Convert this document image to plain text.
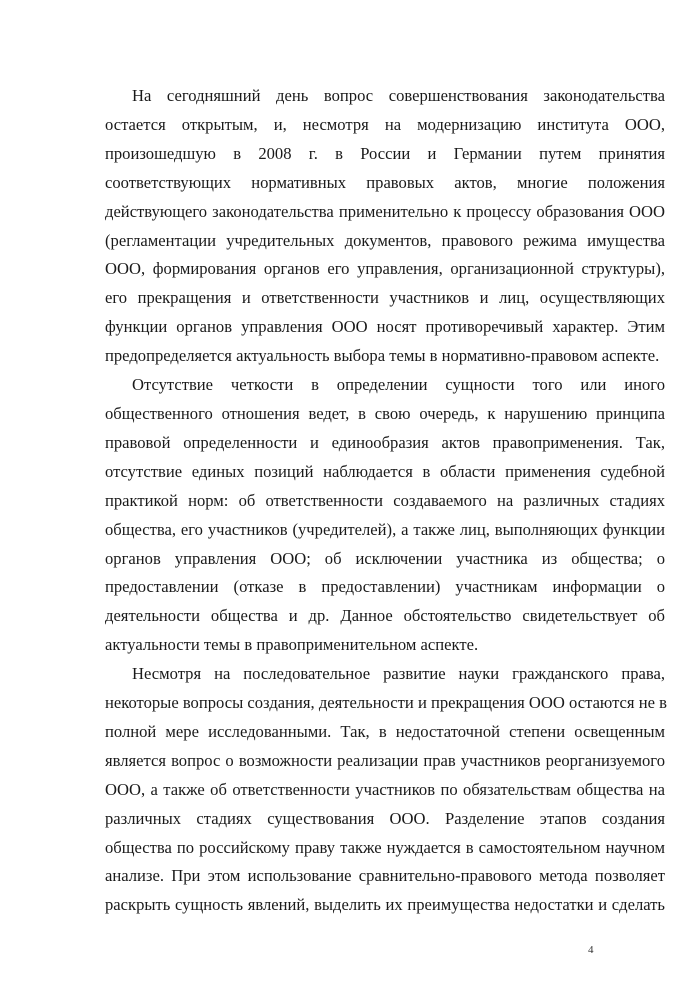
На сегодняшний день вопрос совершенствования законодательства
остается открытым, и, несмотря на модернизацию института ООО,
произошедшую в 2008 г. в России и Германии путем принятия
соответствующих нормативных правовых актов, многие положения
действующего законодательства применительно к процессу образования ООО
(регламентации учредительных документов, правового режима имущества
ООО, формирования органов его управления, организационной структуры),
его прекращения и ответственности участников и лиц, осуществляющих
функции органов управления ООО носят противоречивый характер. Этим
предопределяется актуальность выбора темы в нормативно-правовом аспекте.
Отсутствие четкости в определении сущности того или иного
общественного отношения ведет, в свою очередь, к нарушению принципа
правовой определенности и единообразия актов правоприменения. Так,
отсутствие единых позиций наблюдается в области применения судебной
практикой норм: об ответственности создаваемого на различных стадиях
общества, его участников (учредителей), а также лиц, выполняющих функции
органов управления ООО; об исключении участника из общества; о
предоставлении (отказе в предоставлении) участникам информации о
деятельности общества и др. Данное обстоятельство свидетельствует об
актуальности темы в правоприменительном аспекте.
Несмотря на последовательное развитие науки гражданского права,
некоторые вопросы создания, деятельности и прекращения ООО остаются не в
полной мере исследованными. Так, в недостаточной степени освещенным
является вопрос о возможности реализации прав участников реорганизуемого
ООО, а также об ответственности участников по обязательствам общества на
различных стадиях существования ООО. Разделение этапов создания
общества по российскому праву также нуждается в самостоятельном научном
анализе. При этом использование сравнительно-правового метода позволяет
раскрыть сущность явлений, выделить их преимущества недостатки и сделать
4
